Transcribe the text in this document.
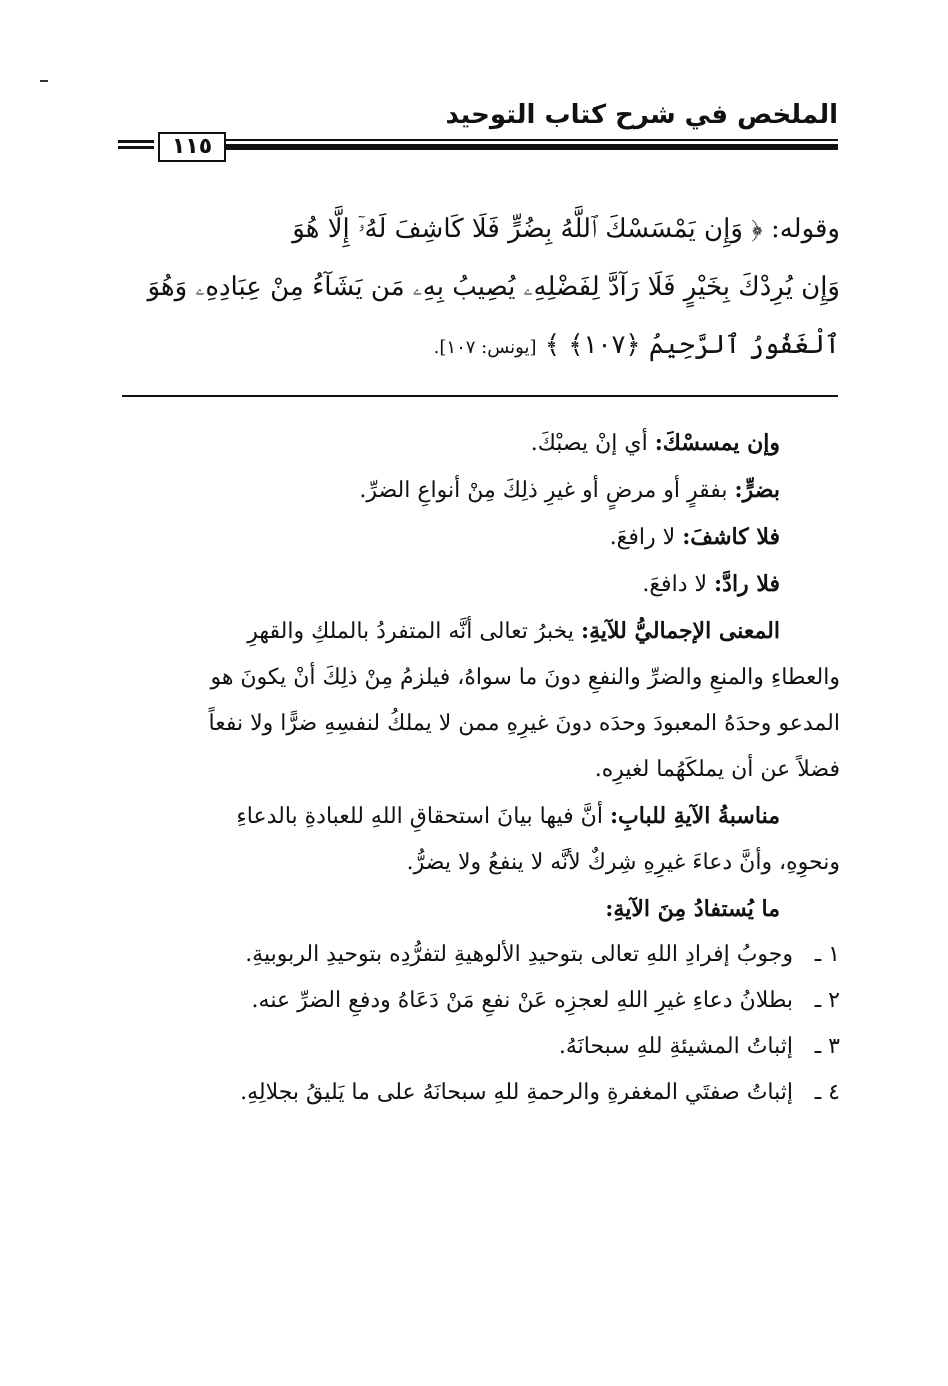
الملخص في شرح كتاب التوحيد
١١٥
وقوله: ﴿ وَإِن يَمْسَسْكَ ٱللَّهُ بِضُرٍّ فَلَا كَاشِفَ لَهُۥٓ إِلَّا هُوَ
وَإِن يُرِدْكَ بِخَيْرٍ فَلَا رَآدَّ لِفَضْلِهِۦ يُصِيبُ بِهِۦ مَن يَشَآءُ مِنْ عِبَادِهِۦ وَهُوَ
ٱلْغَفُورُ ٱلرَّحِيمُ ﴿١٠٧﴾ ﴾ [يونس: ١٠٧].
وإن يمسسْكَ: أي إنْ يصبْكَ.
بضرٍّ: بفقرٍ أو مرضٍ أو غيرِ ذلِكَ مِنْ أنواعِ الضرِّ.
فلا كاشفَ: لا رافعَ.
فلا رادَّ: لا دافعَ.
المعنى الإجماليُّ للآيةِ: يخبرُ تعالى أنَّه المتفردُ بالملكِ والقهرِ
والعطاءِ والمنعِ والضرِّ والنفعِ دونَ ما سواهُ، فيلزمُ مِنْ ذلِكَ أنْ يكونَ هو
المدعو وحدَهُ المعبودَ وحدَه دونَ غيرِهِ ممن لا يملكُ لنفسِهِ ضرًّا ولا نفعاً
فضلاً عن أن يملكَهُما لغيرِه.
مناسبةُ الآيةِ للبابِ: أنَّ فيها بيانَ استحقاقِ اللهِ للعبادةِ بالدعاءِ
ونحوِهِ، وأنَّ دعاءَ غيرِهِ شِركٌ لأنَّه لا ينفعُ ولا يضرُّ.
ما يُستفادُ مِنَ الآيةِ:
١ ـ وجوبُ إفرادِ اللهِ تعالى بتوحيدِ الألوهيةِ لتفرُّدِه بتوحيدِ الربوبيةِ.
٢ ـ بطلانُ دعاءِ غيرِ اللهِ لعجزِه عَنْ نفعِ مَنْ دَعَاهُ ودفعِ الضرِّ عنه.
٣ ـ إثباتُ المشيئةِ للهِ سبحانَهُ.
٤ ـ إثباتُ صفتَي المغفرةِ والرحمةِ للهِ سبحانَهُ على ما يَليقُ بجلالِهِ.
